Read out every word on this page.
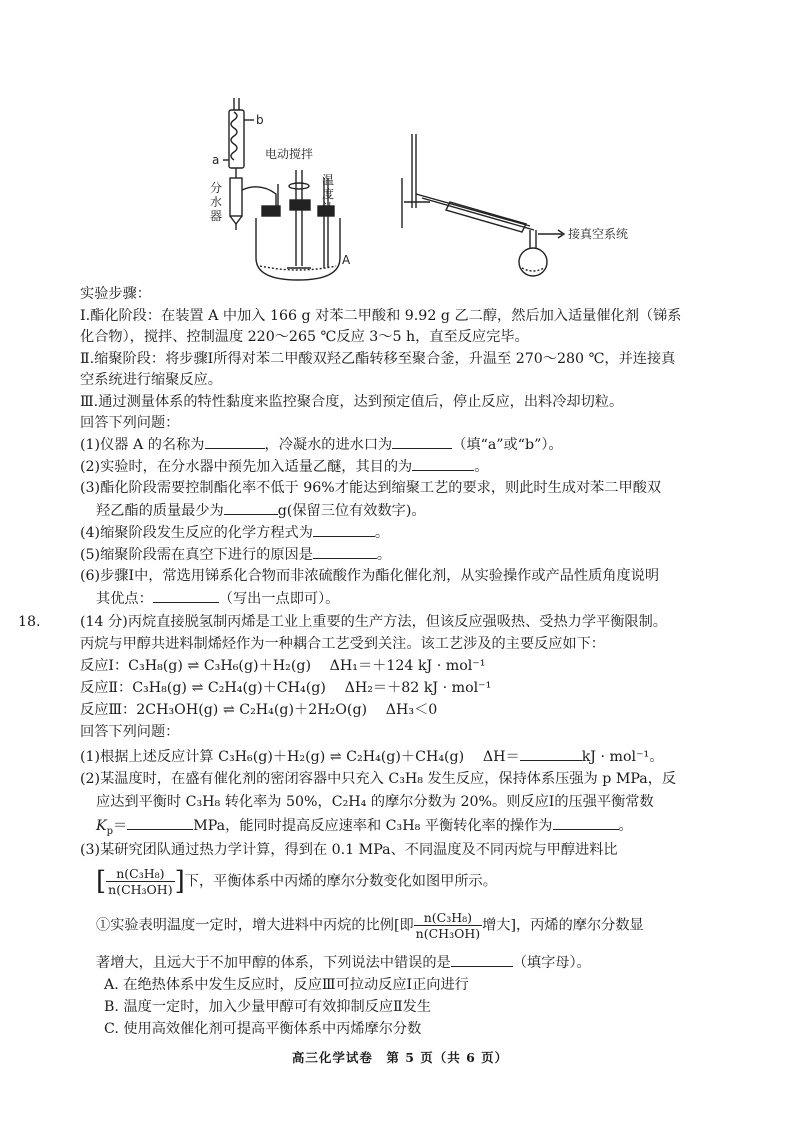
b
a
分
水
器
电动搅拌
温
度
计
A
接真空系统
实验步骤：
Ⅰ.酯化阶段：在装置 A 中加入 166 g 对苯二甲酸和 9.92 g 乙二醇，然后加入适量催化剂（锑系
化合物），搅拌、控制温度 220～265 ℃反应 3～5 h，直至反应完毕。
Ⅱ.缩聚阶段：将步骤Ⅰ所得对苯二甲酸双羟乙酯转移至聚合釜，升温至 270～280 ℃，并连接真
空系统进行缩聚反应。
Ⅲ.通过测量体系的特性黏度来监控聚合度，达到预定值后，停止反应，出料冷却切粒。
回答下列问题：
(1)仪器 A 的名称为	，冷凝水的进水口为	（填“a”或“b”）。
(2)实验时，在分水器中预先加入适量乙醚，其目的为	。
(3)酯化阶段需要控制酯化率不低于 96%才能达到缩聚工艺的要求，则此时生成对苯二甲酸双
羟乙酯的质量最少为	g(保留三位有效数字)。
(4)缩聚阶段发生反应的化学方程式为	。
(5)缩聚阶段需在真空下进行的原因是	。
(6)步骤Ⅰ中，常选用锑系化合物而非浓硫酸作为酯化催化剂，从实验操作或产品性质角度说明
其优点：	（写出一点即可）。
18.	(14 分)丙烷直接脱氢制丙烯是工业上重要的生产方法，但该反应强吸热、受热力学平衡限制。
丙烷与甲醇共进料制烯烃作为一种耦合工艺受到关注。该工艺涉及的主要反应如下：
反应Ⅰ：C₃H₈(g) ⇌ C₃H₆(g)＋H₂(g)　 ΔH₁＝＋124 kJ · mol⁻¹
反应Ⅱ：C₃H₈(g) ⇌ C₂H₄(g)＋CH₄(g)　 ΔH₂＝＋82 kJ · mol⁻¹
反应Ⅲ：2CH₃OH(g) ⇌ C₂H₄(g)＋2H₂O(g)　 ΔH₃＜0
回答下列问题：
(1)根据上述反应计算 C₃H₆(g)＋H₂(g) ⇌ C₂H₄(g)＋CH₄(g)　 ΔH＝	kJ · mol⁻¹。
(2)某温度时，在盛有催化剂的密闭容器中只充入 C₃H₈ 发生反应，保持体系压强为 p MPa，反
应达到平衡时 C₃H₈ 转化率为 50%，C₂H₄ 的摩尔分数为 20%。则反应Ⅰ的压强平衡常数
$K_p=$	MPa，能同时提高反应速率和 C₃H₈ 平衡转化率的操作为	。
(3)某研究团队通过热力学计算，得到在 0.1 MPa、不同温度及不同丙烷与甲醇进料比
[ $\frac{\text{n(C₃H₈)}}{\text{n(CH₃OH)}}$ ]下，平衡体系中丙烯的摩尔分数变化如图甲所示。
①实验表明温度一定时，增大进料中丙烷的比例[即 $\frac{\text{n(C₃H₈)}}{\text{n(CH₃OH)}}$ 增大]，丙烯的摩尔分数显
著增大，且远大于不加甲醇的体系，下列说法中错误的是	（填字母）。
A. 在绝热体系中发生反应时，反应Ⅲ可拉动反应Ⅰ正向进行
B. 温度一定时，加入少量甲醇可有效抑制反应Ⅱ发生
C. 使用高效催化剂可提高平衡体系中丙烯摩尔分数
高三化学试卷　第 5 页（共 6 页）
